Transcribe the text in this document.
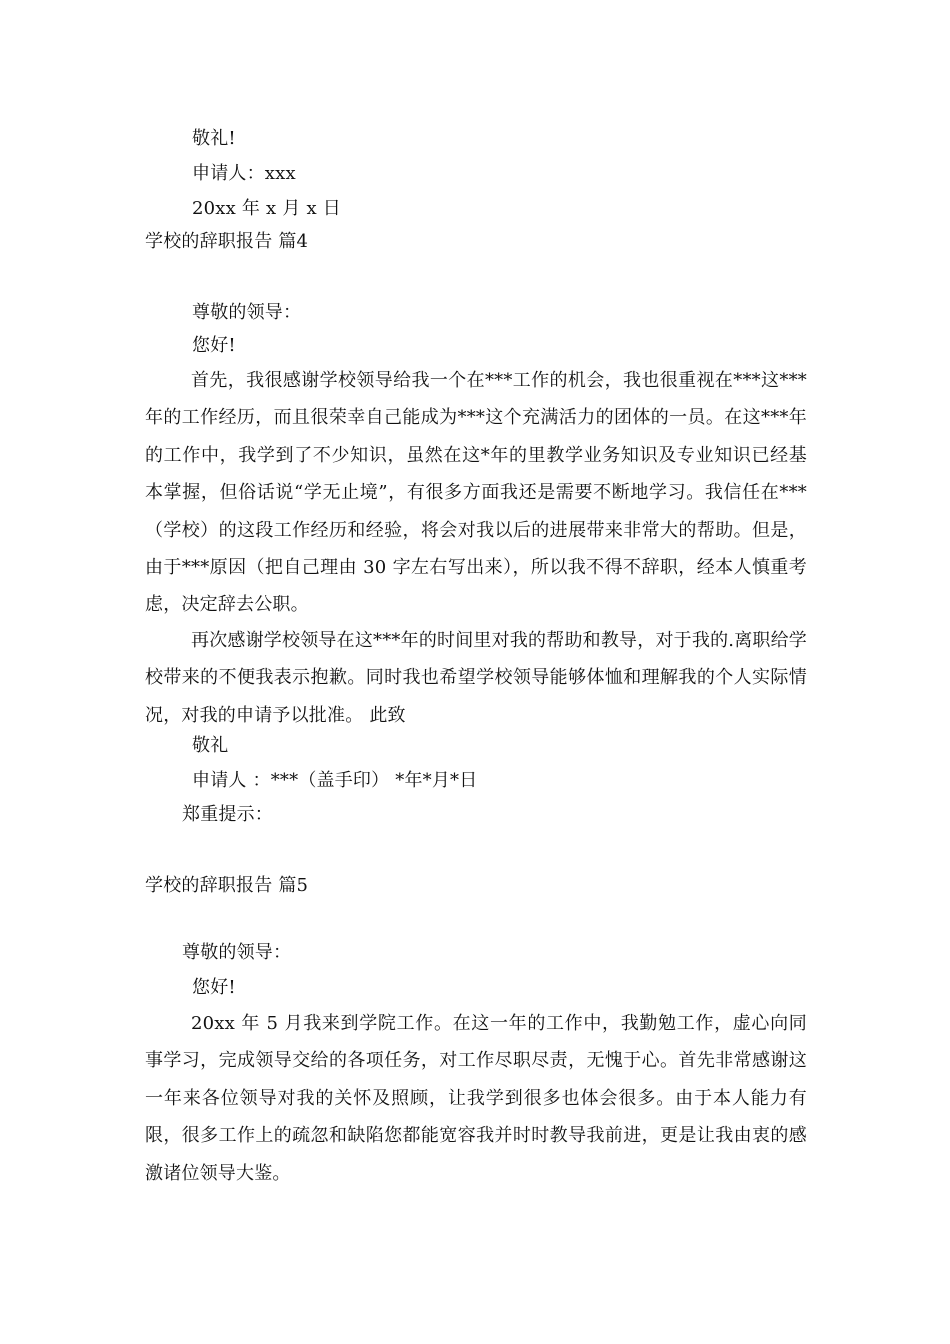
敬礼!
申请人：xxx
20xx 年 x 月 x 日
学校的辞职报告 篇4
尊敬的领导：
您好!

首先，我很感谢学校领导给我一个在***工作的机会，我也很重视在***这***年的工作经历，而且很荣幸自己能成为***这个充满活力的团体的一员。在这***年的工作中，我学到了不少知识，虽然在这*年的里教学业务知识及专业知识已经基本掌握，但俗话说“学无止境”，有很多方面我还是需要不断地学习。我信任在***（学校）的这段工作经历和经验，将会对我以后的进展带来非常大的帮助。但是，由于***原因（把自己理由 30 字左右写出来），所以我不得不辞职，经本人慎重考虑，决定辞去公职。

再次感谢学校领导在这***年的时间里对我的帮助和教导，对于我的.离职给学校带来的不便我表示抱歉。同时我也希望学校领导能够体恤和理解我的个人实际情况，对我的申请予以批准。 此致

敬礼
申请人 ：***（盖手印） *年*月*日
郑重提示：
学校的辞职报告 篇5
尊敬的领导：
您好!

20xx 年 5 月我来到学院工作。在这一年的工作中，我勤勉工作，虚心向同事学习，完成领导交给的各项任务，对工作尽职尽责，无愧于心。首先非常感谢这一年来各位领导对我的关怀及照顾，让我学到很多也体会很多。由于本人能力有限，很多工作上的疏忽和缺陷您都能宽容我并时时教导我前进，更是让我由衷的感激诸位领导大鉴。
